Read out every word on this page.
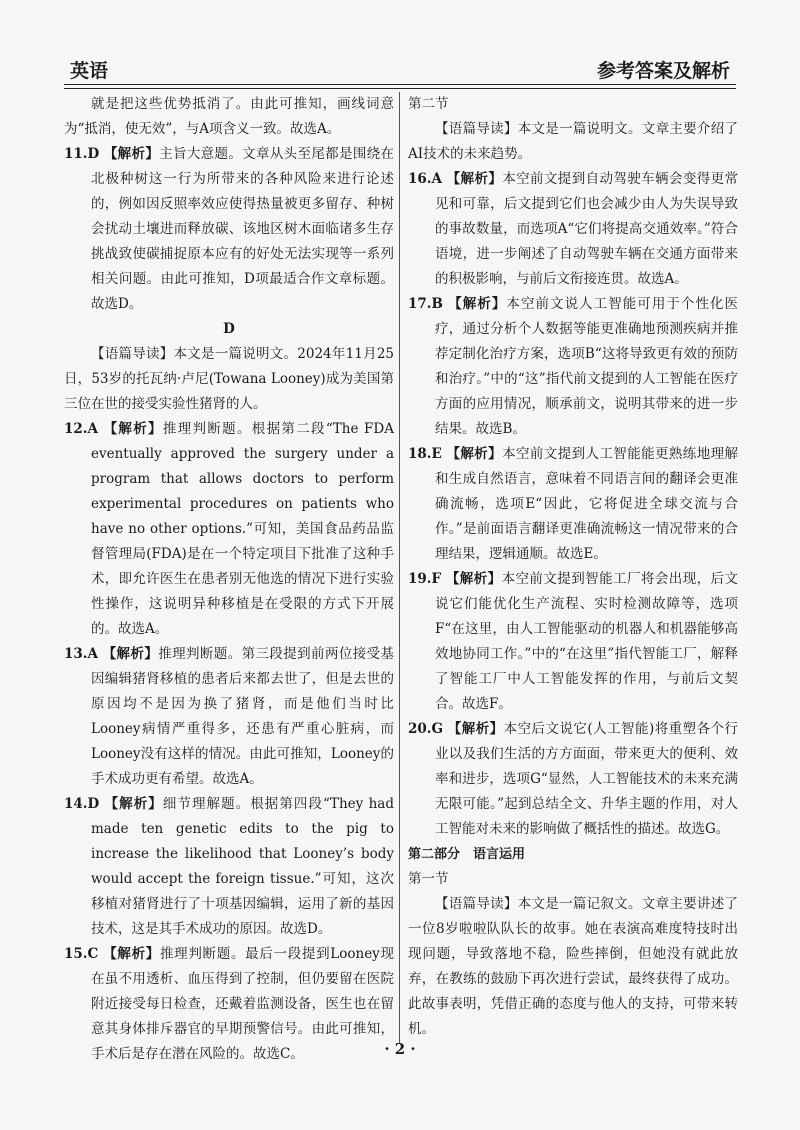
英语	参考答案及解析

就是把这些优势抵消了。由此可推知，画线词意为“抵消，使无效”，与A项含义一致。故选A。

11.D 【解析】主旨大意题。文章从头至尾都是围绕在北极种树这一行为所带来的各种风险来进行论述的，例如因反照率效应使得热量被更多留存、种树会扰动土壤进而释放碳、该地区树木面临诸多生存挑战致使碳捕捉原本应有的好处无法实现等一系列相关问题。由此可推知，D项最适合作文章标题。故选D。

D

【语篇导读】本文是一篇说明文。2024年11月25日，53岁的托瓦纳·卢尼(Towana Looney)成为美国第三位在世的接受实验性猪肾的人。

12.A 【解析】推理判断题。根据第二段“The FDA eventually approved the surgery under a program that allows doctors to perform experimental procedures on patients who have no other options.”可知，美国食品药品监督管理局(FDA)是在一个特定项目下批准了这种手术，即允许医生在患者别无他选的情况下进行实验性操作，这说明异种移植是在受限的方式下开展的。故选A。

13.A 【解析】推理判断题。第三段提到前两位接受基因编辑猪肾移植的患者后来都去世了，但是去世的原因均不是因为换了猪肾，而是他们当时比Looney病情严重得多，还患有严重心脏病，而Looney没有这样的情况。由此可推知，Looney的手术成功更有希望。故选A。

14.D 【解析】细节理解题。根据第四段“They had made ten genetic edits to the pig to increase the likelihood that Looney’s body would accept the foreign tissue.”可知，这次移植对猪肾进行了十项基因编辑，运用了新的基因技术，这是其手术成功的原因。故选D。

15.C 【解析】推理判断题。最后一段提到Looney现在虽不用透析、血压得到了控制，但仍要留在医院附近接受每日检查，还戴着监测设备，医生也在留意其身体排斥器官的早期预警信号。由此可推知，手术后是存在潜在风险的。故选C。

第二节

【语篇导读】本文是一篇说明文。文章主要介绍了AI技术的未来趋势。

16.A 【解析】本空前文提到自动驾驶车辆会变得更常见和可靠，后文提到它们也会减少由人为失误导致的事故数量，而选项A“它们将提高交通效率。”符合语境，进一步阐述了自动驾驶车辆在交通方面带来的积极影响，与前后文衔接连贯。故选A。

17.B 【解析】本空前文说人工智能可用于个性化医疗，通过分析个人数据等能更准确地预测疾病并推荐定制化治疗方案，选项B“这将导致更有效的预防和治疗。”中的“这”指代前文提到的人工智能在医疗方面的应用情况，顺承前文，说明其带来的进一步结果。故选B。

18.E 【解析】本空前文提到人工智能能更熟练地理解和生成自然语言，意味着不同语言间的翻译会更准确流畅，选项E“因此，它将促进全球交流与合作。”是前面语言翻译更准确流畅这一情况带来的合理结果，逻辑通顺。故选E。

19.F 【解析】本空前文提到智能工厂将会出现，后文说它们能优化生产流程、实时检测故障等，选项F“在这里，由人工智能驱动的机器人和机器能够高效地协同工作。”中的“在这里”指代智能工厂，解释了智能工厂中人工智能发挥的作用，与前后文契合。故选F。

20.G 【解析】本空后文说它(人工智能)将重塑各个行业以及我们生活的方方面面，带来更大的便利、效率和进步，选项G“显然，人工智能技术的未来充满无限可能。”起到总结全文、升华主题的作用，对人工智能对未来的影响做了概括性的描述。故选G。

第二部分　语言运用

第一节

【语篇导读】本文是一篇记叙文。文章主要讲述了一位8岁啦啦队队长的故事。她在表演高难度特技时出现问题，导致落地不稳，险些摔倒，但她没有就此放弃，在教练的鼓励下再次进行尝试，最终获得了成功。此故事表明，凭借正确的态度与他人的支持，可带来转机。

· 2 ·
